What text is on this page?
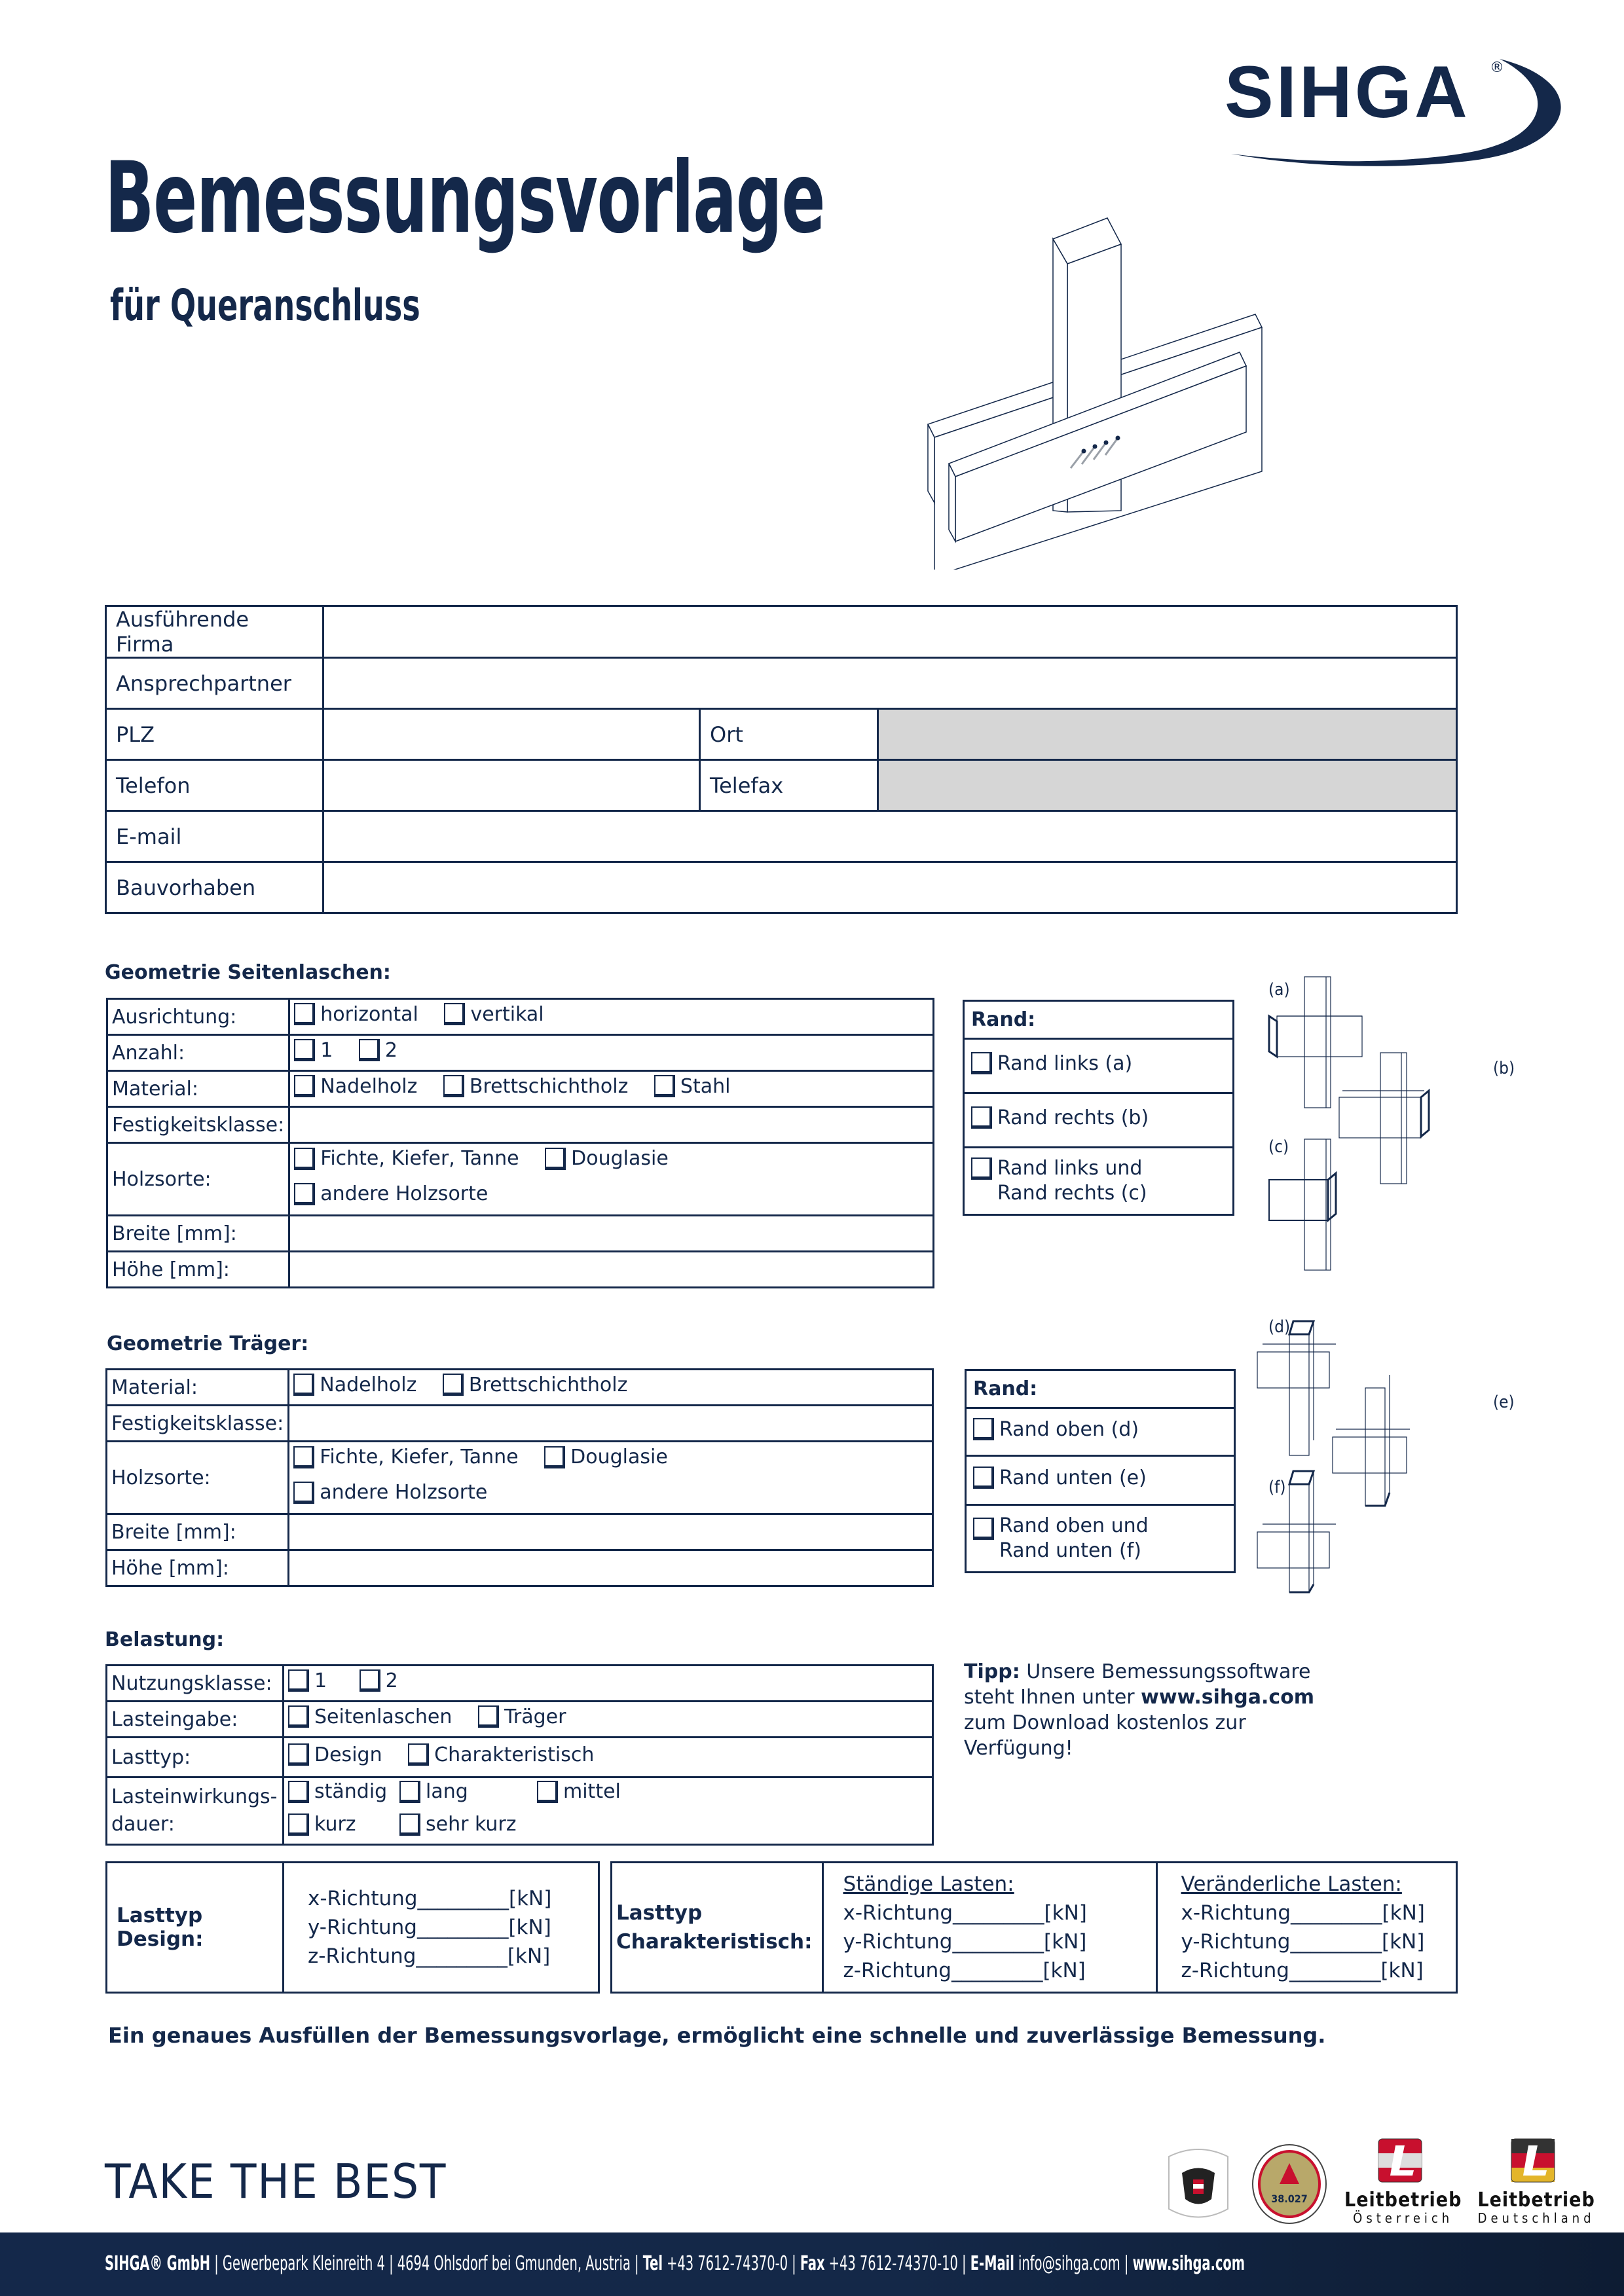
SIHGA ®
Bemessungsvorlage
für Queranschluss
Ausführende Firma			
Ansprechpartner			
PLZ		Ort	
Telefon		Telefax	
E-mail			
Bauvorhaben			
Geometrie Seitenlaschen:
Ausrichtung:	horizontal
vertikal

Anzahl:	1
2

Material:	Nadelholz
Brettschichtholz
Stahl

Festigkeitsklasse:	
Holzsorte:	Fichte, Kiefer, Tanne
Douglasie

andere Holzsorte

Breite [mm]:	
Höhe [mm]:	
Rand:

Rand links (a)

Rand rechts (b)

Rand links und
Rand rechts (c)
(a)
(b)
(c)
Geometrie Träger:
Material:	Nadelholz
Brettschichtholz

Festigkeitsklasse:	
Holzsorte:	Fichte, Kiefer, Tanne
Douglasie

andere Holzsorte

Breite [mm]:	
Höhe [mm]:	
Rand:

Rand oben (d)

Rand unten (e)

Rand oben und
Rand unten (f)
(d)
(e)
(f)
Belastung:
Nutzungsklasse:	1
2

Lasteingabe:	Seitenlaschen
Träger

Lasttyp:	Design
Charakteristisch

Lasteinwirkungs-
dauer:	ständig lang mittel

kurz sehr kurz
Tipp: Unsere Bemessungssoftware steht Ihnen unter www.sihga.com zum Download kostenlos zur Verfügung!
Lasttyp Design:	
x-Richtung_________[kN]
y-Richtung_________[kN]
z-Richtung_________[kN]
Lasttyp
Charakteristisch:	
Ständige Lasten:
x-Richtung_________[kN]
y-Richtung_________[kN]
z-Richtung_________[kN]

Veränderliche Lasten:
x-Richtung_________[kN]
y-Richtung_________[kN]
z-Richtung_________[kN]
Ein genaues Ausfüllen der Bemessungsvorlage, ermöglicht eine schnelle und zuverlässige Bemessung.
TAKE THE BEST	38.027 Leitbetrieb
Österreich
Leitbetrieb
Deutschland
SIHGA® GmbH | Gewerbepark Kleinreith 4 | 4694 Ohlsdorf bei Gmunden, Austria | Tel +43 7612-74370-0 | Fax +43 7612-74370-10 | E-Mail info@sihga.com | www.sihga.com
